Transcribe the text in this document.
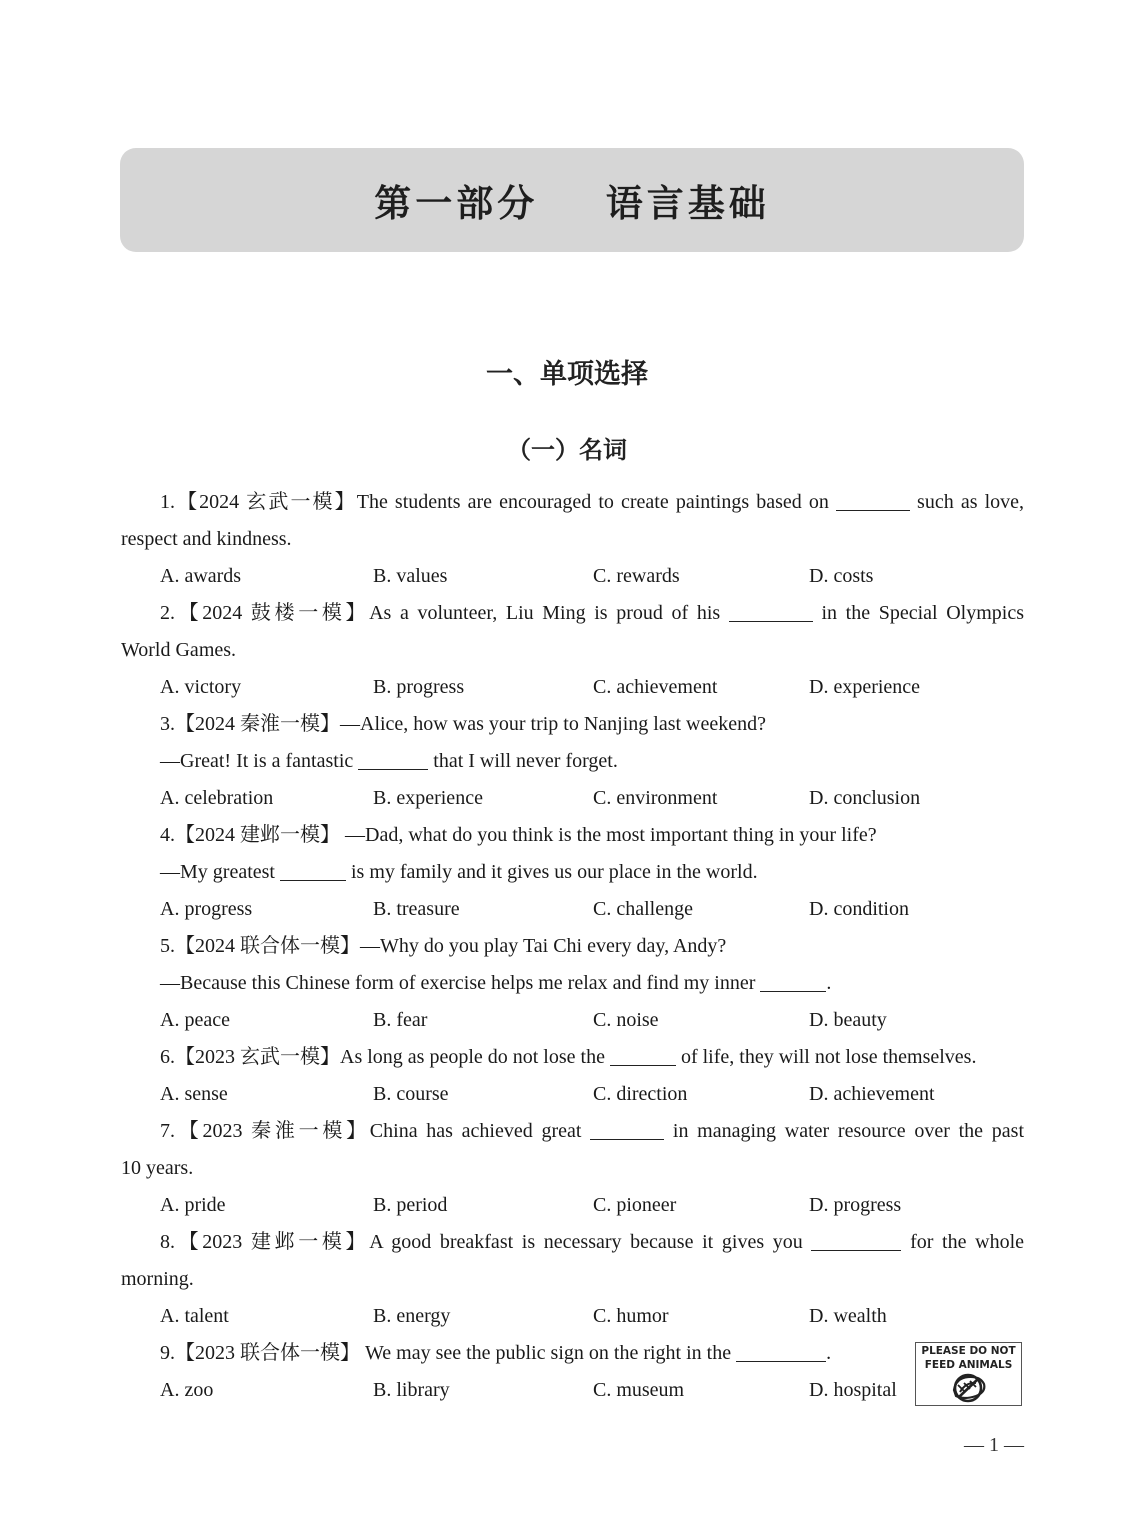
第一部分    语言基础
一、单项选择
（一）名词
1.【2024 玄武一模】The students are encouraged to create paintings based on	such as love,
respect and kindness.
A. awards	B. values	C. rewards	D. costs
2.【2024 鼓楼一模】As a volunteer, Liu Ming is proud of his	in the Special Olympics
World Games.
A. victory	B. progress	C. achievement	D. experience
3.【2024 秦淮一模】—Alice, how was your trip to Nanjing last weekend?
—Great! It is a fantastic	that I will never forget.
A. celebration	B. experience	C. environment	D. conclusion
4.【2024 建邺一模】 —Dad, what do you think is the most important thing in your life?
—My greatest	is my family and it gives us our place in the world.
A. progress	B. treasure	C. challenge	D. condition
5.【2024 联合体一模】—Why do you play Tai Chi every day, Andy?
—Because this Chinese form of exercise helps me relax and find my inner	.
A. peace	B. fear	C. noise	D. beauty
6.【2023 玄武一模】As long as people do not lose the	of life, they will not lose themselves.
A. sense	B. course	C. direction	D. achievement
7.【2023 秦淮一模】China has achieved great	in managing water resource over the past
10 years.
A. pride	B. period	C. pioneer	D. progress
8.【2023 建邺一模】A good breakfast is necessary because it gives you	for the whole
morning.
A. talent	B. energy	C. humor	D. wealth
9.【2023 联合体一模】 We may see the public sign on the right in the	.
A. zoo	B. library	C. museum	D. hospital
PLEASE DO NOT
FEED ANIMALS
— 1 —
